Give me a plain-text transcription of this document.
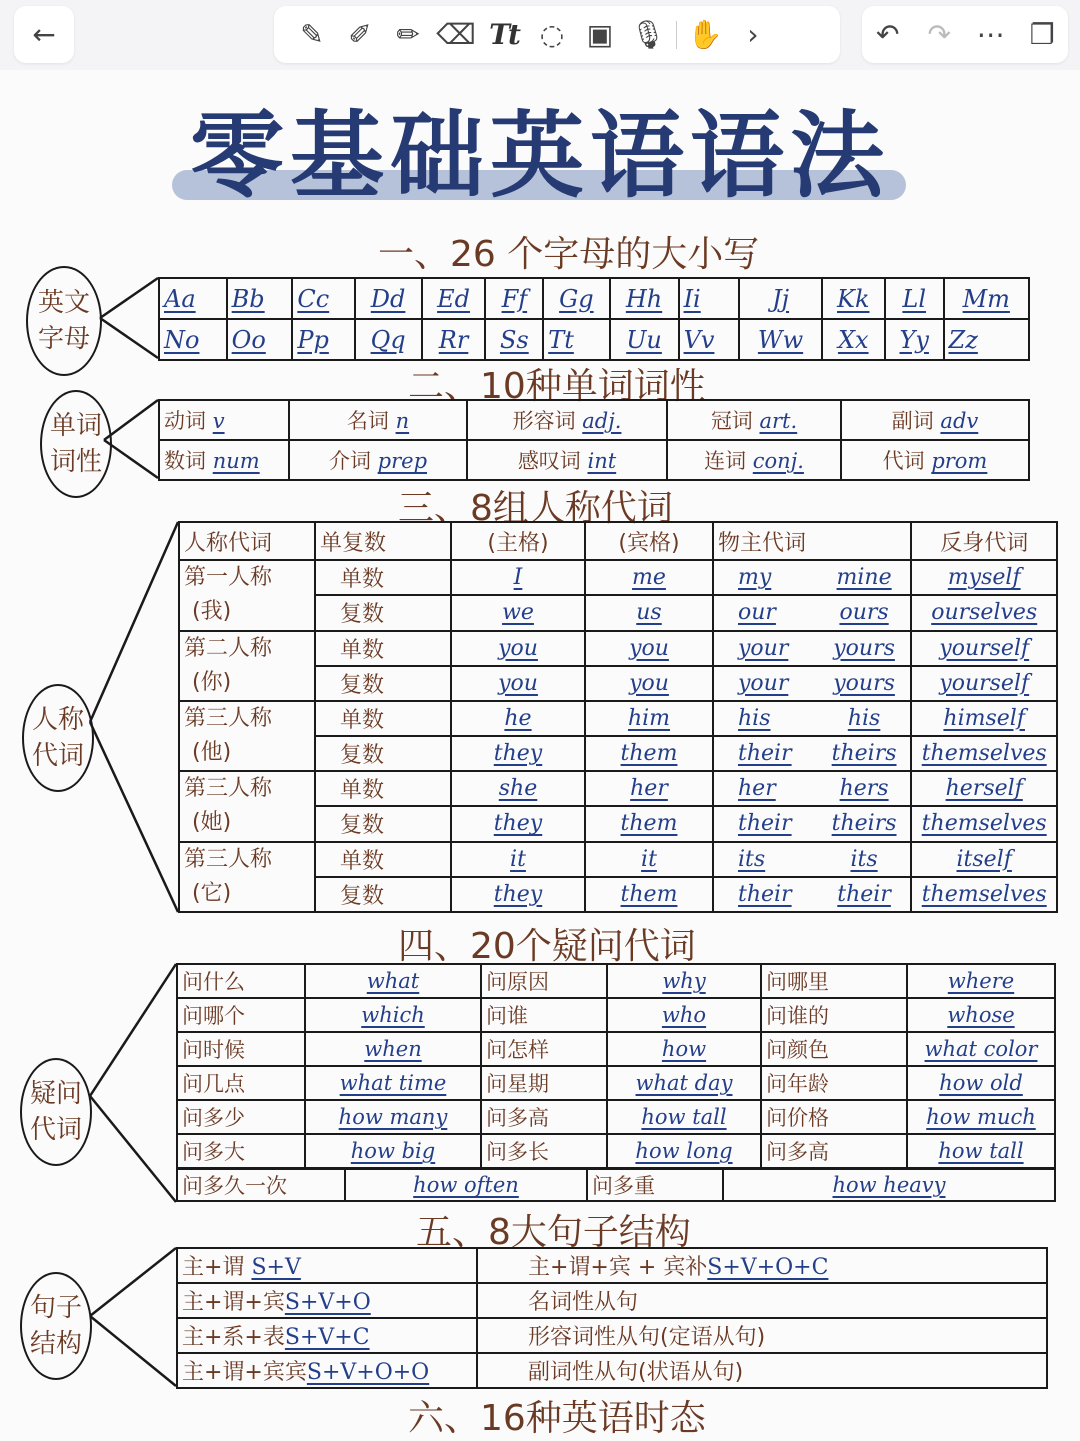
←	✎ ✐ ✏ ⌫ Tt ◌ ▣ 🎙 ✋ ›	↶	↷ ⋯ ❐
零基础英语语法
一、26 个字母的大小写
英文
字母
Aa	Bb	Cc	Dd	Ed	Ff	Gg	Hh	Ii	Jj	Kk	Ll	Mm
No	Oo	Pp	Qq	Rr	Ss	Tt	Uu	Vv	Ww	Xx	Yy	Zz
二、10种单词词性
单词
词性
动词 v	名词 n	形容词 adj.	冠词 art.	副词 adv
数词 num	介词 prep	感叹词 int	连词 conj.	代词 prom
三、8组人称代词
人称
代词
人称代词	单复数	(主格)	(宾格)	物主代词		反身代词

第一人称
(我)	单数	I	me	my	mine	myself
	复数	we	us	our	ours	ourselves

第二人称
(你)	单数	you	you	your	yours	yourself
	复数	you	you	your	yours	yourself

第三人称
(他)	单数	he	him	his	his	himself
	复数	they	them	their	theirs	themselves

第三人称
(她)	单数	she	her	her	hers	herself
	复数	they	them	their	theirs	themselves

第三人称
(它)	单数	it	it	its	its	itself
	复数	they	them	their	their	themselves
四、20个疑问代词
疑问
代词
问什么	what	问原因	why	问哪里	where
问哪个	which	问谁	who	问谁的	whose
问时候	when	问怎样	how	问颜色	what color
问几点	what time	问星期	what day	问年龄	how old
问多少	how many	问多高	how tall	问价格	how much
问多大	how big	问多长	how long	问多高	how tall
问多久一次	how often	问多重	how heavy
五、8大句子结构
句子
结构
主+谓 S+V	主+谓+宾 + 宾补S+V+O+C
主+谓+宾S+V+O	名词性从句
主+系+表S+V+C	形容词性从句(定语从句)
主+谓+宾宾S+V+O+O	副词性从句(状语从句)
六、16种英语时态
